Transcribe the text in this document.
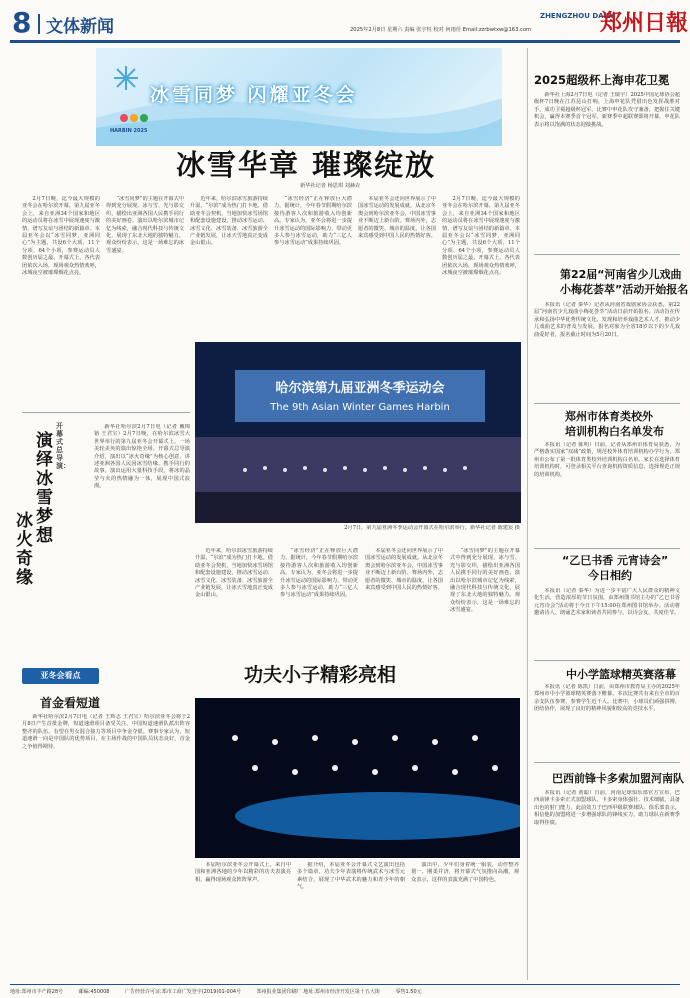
8 文体新闻	2025年2月8日 星期六 责编 张宇恒 校对 何雨佳 Email:zzrbwtxw@163.com
ZHENGZHOU DAILY
郑州日報
冰雪同梦 闪耀亚冬会
HARBIN 2025
冰雪华章 璀璨绽放
新华社记者 杨思琪 刘赫垚

2月7日晚，迄今最大规模的亚冬会在哈尔滨开幕。第九届亚冬会上，来自亚洲34个国家和地区的运动员将在冰雪中展现速度与激情，谱写友谊与团结的新篇章。本届亚冬会以“冰雪同梦，亚洲同心”为主题，共设6个大项、11个分项、64个小项，参赛运动员人数创历届之最。开幕式上，各代表团依次入场，现场观众热情欢呼，冰城夜空被璀璨烟花点亮。

“冰雪同梦”的主题在开幕式中得到充分展现。冰与雪、光与影交织，描绘出亚洲各国人民携手同行的美好画卷。演出以哈尔滨城市记忆为线索，融合现代科技与传统文化，展现了东北大地的独特魅力。观众纷纷表示，这是一场难忘的冰雪盛宴。

近年来，哈尔滨冰雪旅游持续升温，“尔滨”成为热门打卡地。借助亚冬会契机，当地加快冰雪场馆和配套设施建设，推动冰雪运动、冰雪文化、冰雪装备、冰雪旅游全产业链发展，让冰天雪地真正变成金山银山。

“冰雪经济”正在释放巨大潜力。据统计，今年春节假期哈尔滨接待游客人次和旅游收入均创新高。专家认为，亚冬会将进一步提升冰雪运动的国际影响力，带动更多人参与冰雪运动，助力“三亿人参与冰雪运动”成果持续巩固。

本届亚冬会还向世界展示了中国冰雪运动的发展成就。从北京冬奥会到哈尔滨亚冬会，中国冰雪事业不断迈上新台阶。赛场内外，志愿者的微笑、城市的温度，让各国来宾感受到中国人民的热情好客。

2月7日晚，迄今最大规模的亚冬会在哈尔滨开幕。第九届亚冬会上，来自亚洲34个国家和地区的运动员将在冰雪中展现速度与激情，谱写友谊与团结的新篇章。本届亚冬会以“冰雪同梦，亚洲同心”为主题，共设6个大项、11个分项、64个小项，参赛运动员人数创历届之最。开幕式上，各代表团依次入场，现场观众热情欢呼，冰城夜空被璀璨烟花点亮。

开幕式总导演：
演绎冰雪梦想
冰火奇缘

新华社哈尔滨2月7日电（记者 戴锦镕 王君宝）2月7日晚，在哈尔滨冰雪大世界举行的第九届亚冬会开幕式上，一场美轮美奂的演出惊艳全场。开幕式总导演介绍，演出以“冰火奇缘”为核心创意，讲述亚洲各国人民因冰雪结缘、携手同行的故事。演出运用大量科技手段，将冰的晶莹与火的热情融为一体，展现中国式浪漫。

哈尔滨第九届亚洲冬季运动会
The 9th Asian Winter Games Harbin
2月7日，第九届亚洲冬季运动会开幕式在哈尔滨举行。新华社记者 陈建宸 摄

近年来，哈尔滨冰雪旅游持续升温，“尔滨”成为热门打卡地。借助亚冬会契机，当地加快冰雪场馆和配套设施建设，推动冰雪运动、冰雪文化、冰雪装备、冰雪旅游全产业链发展，让冰天雪地真正变成金山银山。

“冰雪经济”正在释放巨大潜力。据统计，今年春节假期哈尔滨接待游客人次和旅游收入均创新高。专家认为，亚冬会将进一步提升冰雪运动的国际影响力，带动更多人参与冰雪运动，助力“三亿人参与冰雪运动”成果持续巩固。

本届亚冬会还向世界展示了中国冰雪运动的发展成就。从北京冬奥会到哈尔滨亚冬会，中国冰雪事业不断迈上新台阶。赛场内外，志愿者的微笑、城市的温度，让各国来宾感受到中国人民的热情好客。

“冰雪同梦”的主题在开幕式中得到充分展现。冰与雪、光与影交织，描绘出亚洲各国人民携手同行的美好画卷。演出以哈尔滨城市记忆为线索，融合现代科技与传统文化，展现了东北大地的独特魅力。观众纷纷表示，这是一场难忘的冰雪盛宴。

功夫小子精彩亮相

本届哈尔滨亚冬会开幕式上，来自中国和亚洲各地的少年以精彩的功夫表演亮相，赢得现场观众阵阵掌声。

据介绍，本届亚冬会开幕式文艺演出包括多个篇章，功夫少年表演将传统武术与冰雪元素结合，展现了中华武术的魅力和青少年的朝气。

演出中，少年们身着统一服装，动作整齐划一，刚柔并济，将开幕式气氛推向高潮。观众表示，这样的表演充满了中国特色。

亚冬会看点
首金看短道

新华社哈尔滨2月7日电（记者 王辉志 王君宝）哈尔滨亚冬会将于2月8日产生首批金牌，短道速滑项目备受关注。中国短道速滑队派出阵容整齐的队伍，有望在男女混合接力等项目中争金夺银。赛事专家认为，短道速滑一向是中国队的优势项目，在主场作战的中国队员状态良好，首金之争值得期待。

2025超级杯上海申花卫冕

新华社上海2月7日电（记者 王镜宇）2025中国足球协会超级杯7日晚在江苏昆山打响，上海申花队凭借出色发挥战胜对手，成功卫冕超级杯冠军。比赛中申花队攻守兼备，把握住关键机会，赢得本赛季首个冠军。新赛季中超联赛即将开幕，申花队表示将以饱满的状态迎接挑战。

第22届“河南省少儿戏曲
小梅花荟萃”活动开始报名

本报讯（记者 秦华）记者从河南省戏剧家协会获悉，第22届“河南省少儿戏曲小梅花荟萃”活动日前开始报名。活动旨在传承和弘扬中华优秀传统文化，发现和培养戏曲艺术人才，推动少儿戏曲艺术的普及与发展。报名对象为全省18岁以下的少儿戏曲爱好者，报名截止时间为5月20日。

郑州市体育类校外
培训机构白名单发布

本报讯（记者 陈明）日前，记者从郑州市体育局获悉，为严格落实国家“双减”政策，规范校外体育培训机构办学行为，郑州市公布了第一批体育类校外培训机构白名单。家长在选择体育培训机构时，可登录相关平台查询机构资质信息，选择规范正规的培训机构。

“乙巳书香 元宵诗会”
今日相约

本报讯（记者 秦华）为进一步丰富广大人民群众的精神文化生活，营造浓厚的节日氛围，由郑州图书馆主办的“乙巳书香 元宵诗会”活动将于今日下午15:00在郑州图书馆举办。活动将邀请诗人、朗诵艺术家和读者共同参与，以诗会友，共度佳节。

中小学篮球精英赛落幕

本报讯（记者 陈凯）日前，由郑州市教育局主办的2025年郑州市中小学篮球精英赛落下帷幕。本次比赛共有来自全市的百余支队伍参赛，参赛学生近千人。比赛中，小球员们顽强拼搏、团结协作，展现了良好的精神风貌和较高的竞技水平。

巴西前锋卡多索加盟河南队

本报讯（记者 黄聪）日前，河南足球俱乐部官方宣布，巴西前锋卡多索正式加盟球队。卡多索身体强壮、技术细腻，具备出色的射门能力，此前效力于巴西甲级联赛球队。俱乐部表示，相信他的加盟将进一步增强球队的锋线实力，助力球队在新赛季取得佳绩。

地址:郑州市丰产路28号	邮编:450008	广告经营许可证:郑市工商广发登字(2019)01-004号	郑州报业集团印刷厂 地址:郑州市经济开发区第十五大街	零售1.50元
